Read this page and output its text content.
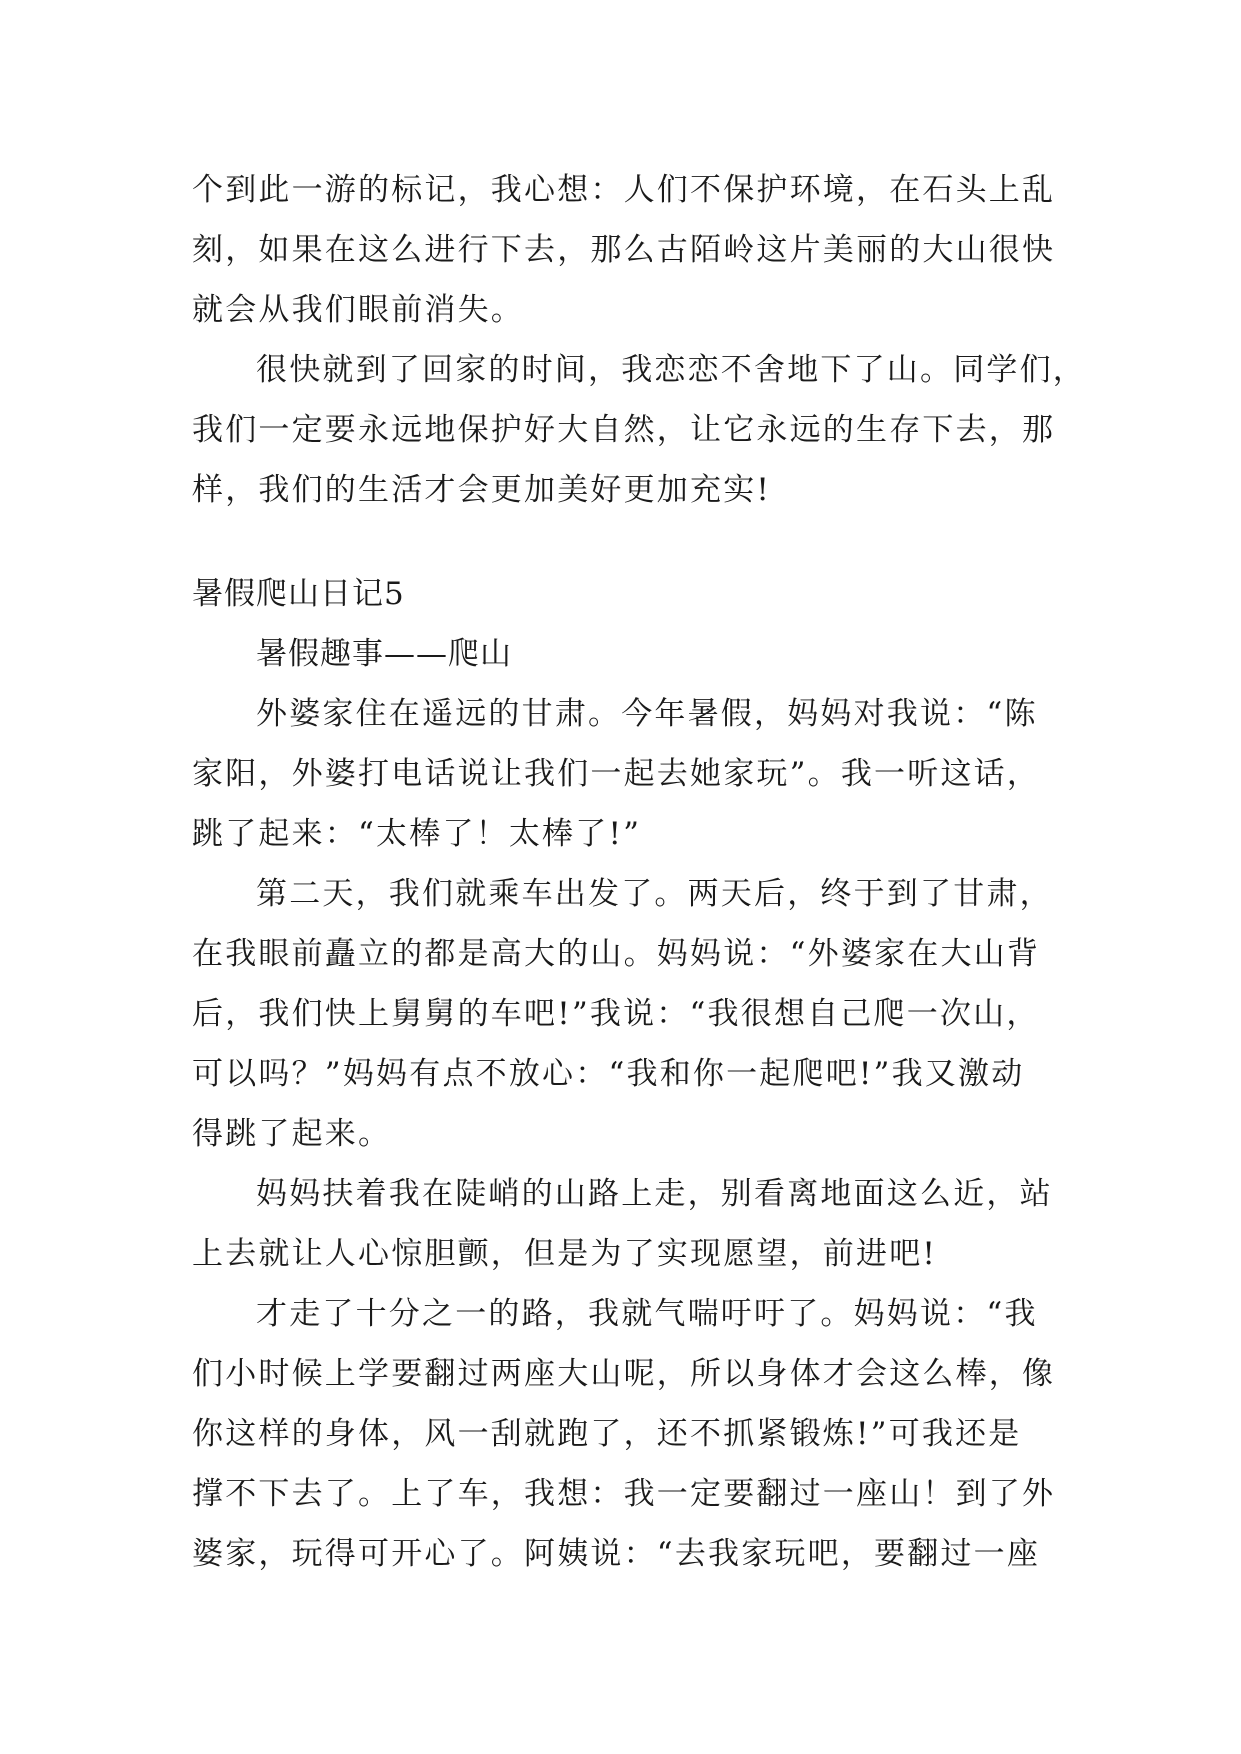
个到此一游的标记，我心想：人们不保护环境，在石头上乱
刻，如果在这么进行下去，那么古陌岭这片美丽的大山很快
就会从我们眼前消失。
很快就到了回家的时间，我恋恋不舍地下了山。同学们，
我们一定要永远地保护好大自然，让它永远的生存下去，那
样，我们的生活才会更加美好更加充实!
暑假爬山日记5
暑假趣事——爬山
外婆家住在遥远的甘肃。今年暑假，妈妈对我说：“陈
家阳，外婆打电话说让我们一起去她家玩”。我一听这话，
跳了起来：“太棒了！太棒了!”
第二天，我们就乘车出发了。两天后，终于到了甘肃，
在我眼前矗立的都是高大的山。妈妈说：“外婆家在大山背
后，我们快上舅舅的车吧!”我说：“我很想自己爬一次山，
可以吗？”妈妈有点不放心：“我和你一起爬吧!”我又激动
得跳了起来。
妈妈扶着我在陡峭的山路上走，别看离地面这么近，站
上去就让人心惊胆颤，但是为了实现愿望，前进吧!
才走了十分之一的路，我就气喘吁吁了。妈妈说：“我
们小时候上学要翻过两座大山呢，所以身体才会这么棒，像
你这样的身体，风一刮就跑了，还不抓紧锻炼!”可我还是
撑不下去了。上了车，我想：我一定要翻过一座山！到了外
婆家，玩得可开心了。阿姨说：“去我家玩吧，要翻过一座
